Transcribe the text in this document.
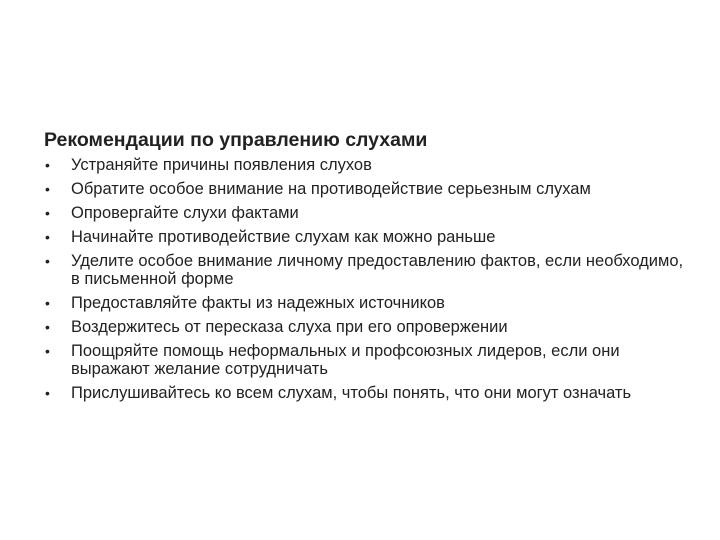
Рекомендации по управлению слухами
•	Устраняйте причины появления слухов
•	Обратите особое внимание на противодействие серьезным слухам
•	Опровергайте слухи фактами
•	Начинайте противодействие слухам как можно раньше
•	Уделите особое внимание личному предоставлению фактов, если необходимо, в письменной форме
•	Предоставляйте факты из надежных источников
•	Воздержитесь от пересказа слуха при его опровержении
•	Поощряйте помощь неформальных и профсоюзных лидеров, если они выражают желание сотрудничать
•	Прислушивайтесь ко всем слухам, чтобы понять, что они могут означать
